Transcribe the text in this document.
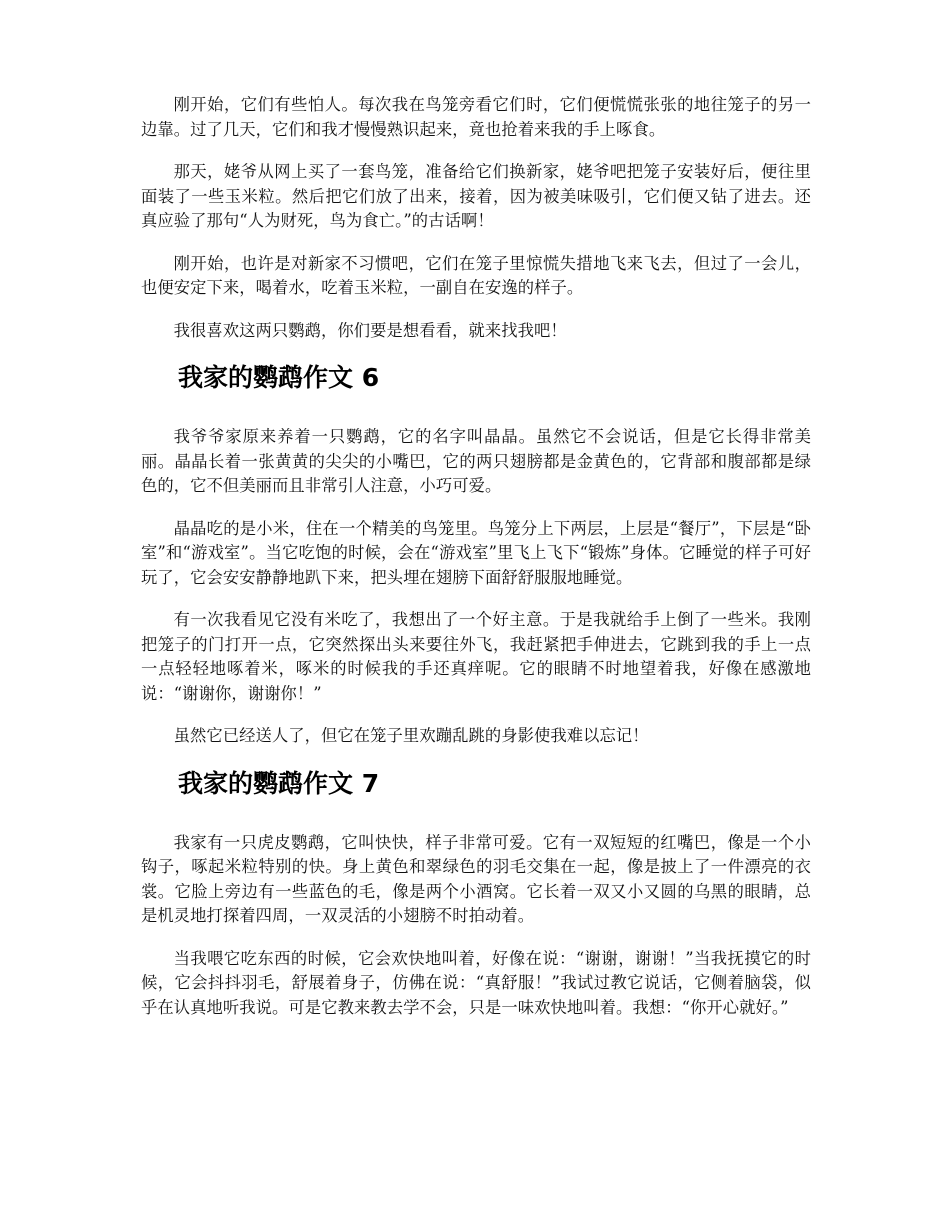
刚开始，它们有些怕人。每次我在鸟笼旁看它们时，它们便慌慌张张的地往笼子的另一边靠。过了几天，它们和我才慢慢熟识起来，竟也抢着来我的手上啄食。

那天，姥爷从网上买了一套鸟笼，准备给它们换新家，姥爷吧把笼子安装好后，便往里面装了一些玉米粒。然后把它们放了出来，接着，因为被美味吸引，它们便又钻了进去。还真应验了那句“人为财死，鸟为食亡。”的古话啊！

刚开始，也许是对新家不习惯吧，它们在笼子里惊慌失措地飞来飞去，但过了一会儿，也便安定下来，喝着水，吃着玉米粒，一副自在安逸的样子。

我很喜欢这两只鹦鹉，你们要是想看看，就来找我吧！

我家的鹦鹉作文 6

我爷爷家原来养着一只鹦鹉，它的名字叫晶晶。虽然它不会说话，但是它长得非常美丽。晶晶长着一张黄黄的尖尖的小嘴巴，它的两只翅膀都是金黄色的，它背部和腹部都是绿色的，它不但美丽而且非常引人注意，小巧可爱。

晶晶吃的是小米，住在一个精美的鸟笼里。鸟笼分上下两层，上层是“餐厅”，下层是“卧室”和“游戏室”。当它吃饱的时候，会在“游戏室”里飞上飞下“锻炼”身体。它睡觉的样子可好玩了，它会安安静静地趴下来，把头埋在翅膀下面舒舒服服地睡觉。

有一次我看见它没有米吃了，我想出了一个好主意。于是我就给手上倒了一些米。我刚把笼子的门打开一点，它突然探出头来要往外飞，我赶紧把手伸进去，它跳到我的手上一点一点轻轻地啄着米，啄米的时候我的手还真痒呢。它的眼睛不时地望着我，好像在感激地说：“谢谢你，谢谢你！”

虽然它已经送人了，但它在笼子里欢蹦乱跳的身影使我难以忘记！

我家的鹦鹉作文 7

我家有一只虎皮鹦鹉，它叫快快，样子非常可爱。它有一双短短的红嘴巴，像是一个小钩子，啄起米粒特别的快。身上黄色和翠绿色的羽毛交集在一起，像是披上了一件漂亮的衣裳。它脸上旁边有一些蓝色的毛，像是两个小酒窝。它长着一双又小又圆的乌黑的眼睛，总是机灵地打探着四周，一双灵活的小翅膀不时拍动着。

当我喂它吃东西的时候，它会欢快地叫着，好像在说：“谢谢，谢谢！”当我抚摸它的时候，它会抖抖羽毛，舒展着身子，仿佛在说：“真舒服！”我试过教它说话，它侧着脑袋，似乎在认真地听我说。可是它教来教去学不会，只是一味欢快地叫着。我想：“你开心就好。”
